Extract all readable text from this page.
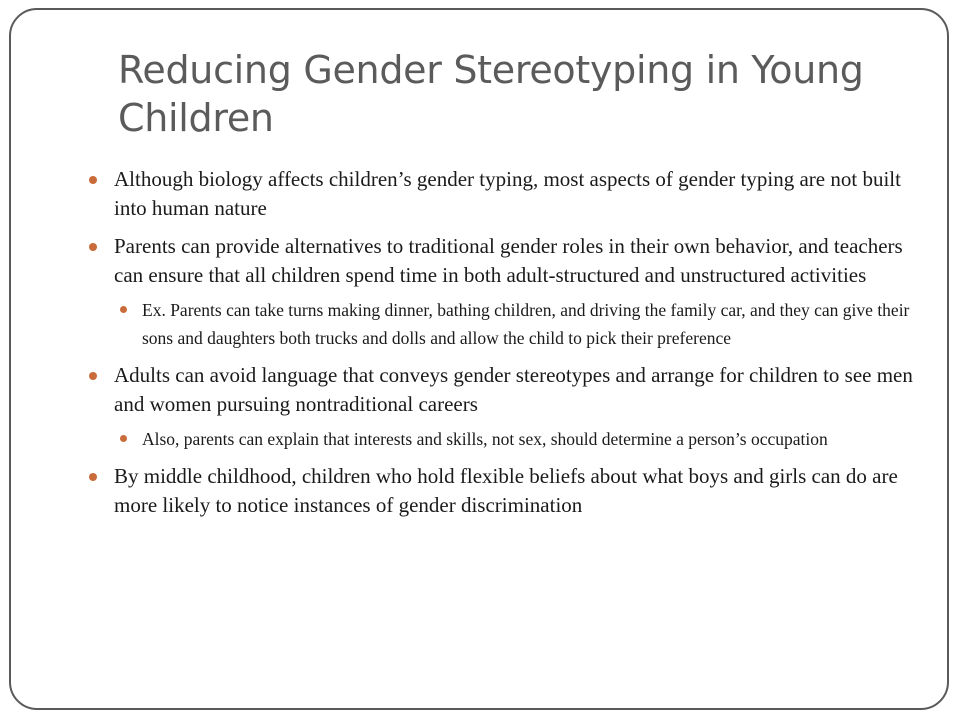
Reducing Gender Stereotyping in Young Children
Although biology affects children’s gender typing, most aspects of gender typing are not built into human nature
Parents can provide alternatives to traditional gender roles in their own behavior, and teachers can ensure that all children spend time in both adult-structured and unstructured activities
Ex. Parents can take turns making dinner, bathing children, and driving the family car, and they can give their sons and daughters both trucks and dolls and allow the child to pick their preference
Adults can avoid language that conveys gender stereotypes and arrange for children to see men and women pursuing nontraditional careers
Also, parents can explain that interests and skills, not sex, should determine a person’s occupation
By middle childhood, children who hold flexible beliefs about what boys and girls can do are more likely to notice instances of gender discrimination
